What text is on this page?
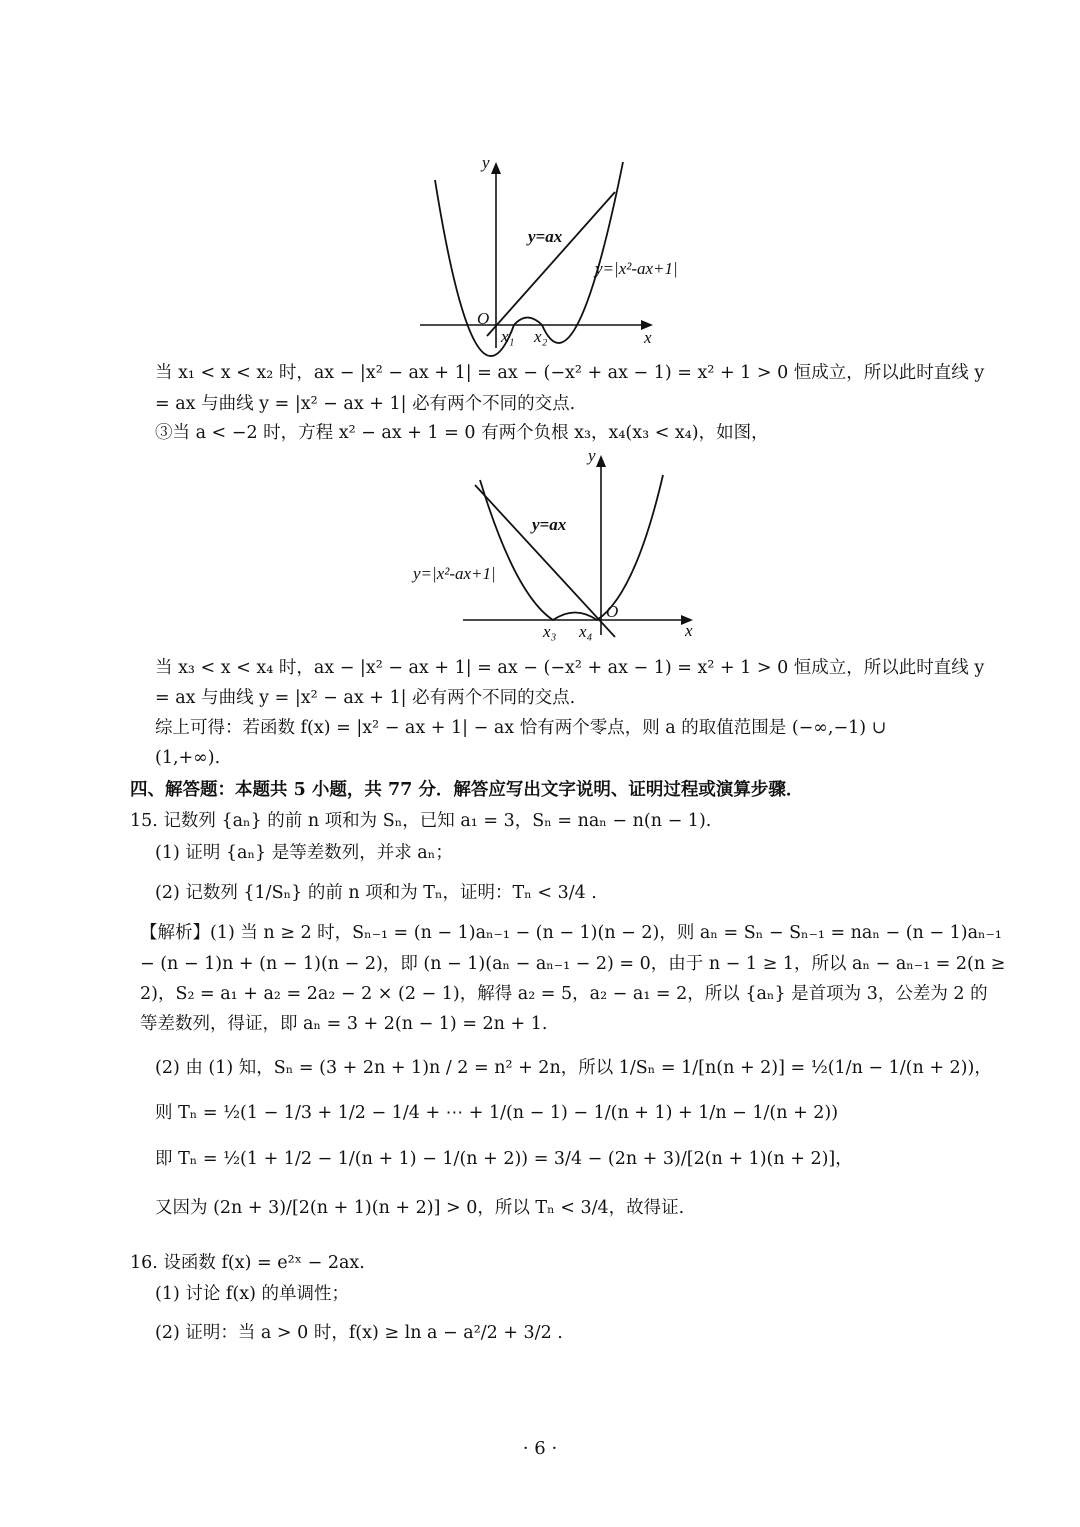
y
x
O
y=ax
y=|x²-ax+1|
x₁ x₂
当 x₁ < x < x₂ 时，ax − |x² − ax + 1| = ax − (−x² + ax − 1) = x² + 1 > 0 恒成立，所以此时直线 y
= ax 与曲线 y = |x² − ax + 1| 必有两个不同的交点.
③当 a < −2 时，方程 x² − ax + 1 = 0 有两个负根 x₃，x₄(x₃ < x₄)，如图，
y
x
O
y=ax
y=|x²-ax+1|
x₃ x₄
当 x₃ < x < x₄ 时，ax − |x² − ax + 1| = ax − (−x² + ax − 1) = x² + 1 > 0 恒成立，所以此时直线 y
= ax 与曲线 y = |x² − ax + 1| 必有两个不同的交点.
综上可得：若函数 f(x) = |x² − ax + 1| − ax 恰有两个零点，则 a 的取值范围是 (−∞,−1) ∪
(1,+∞).
四、解答题：本题共 5 小题，共 77 分．解答应写出文字说明、证明过程或演算步骤．
15. 记数列 {aₙ} 的前 n 项和为 Sₙ，已知 a₁ = 3，Sₙ = naₙ − n(n − 1).
(1) 证明 {aₙ} 是等差数列，并求 aₙ；
(2) 记数列 {1/Sₙ} 的前 n 项和为 Tₙ，证明：Tₙ < 3/4 .
【解析】(1) 当 n ≥ 2 时，Sₙ₋₁ = (n − 1)aₙ₋₁ − (n − 1)(n − 2)，则 aₙ = Sₙ − Sₙ₋₁ = naₙ − (n − 1)aₙ₋₁
− (n − 1)n + (n − 1)(n − 2)，即 (n − 1)(aₙ − aₙ₋₁ − 2) = 0，由于 n − 1 ≥ 1，所以 aₙ − aₙ₋₁ = 2(n ≥
2)，S₂ = a₁ + a₂ = 2a₂ − 2 × (2 − 1)，解得 a₂ = 5，a₂ − a₁ = 2，所以 {aₙ} 是首项为 3，公差为 2 的
等差数列，得证，即 aₙ = 3 + 2(n − 1) = 2n + 1.
(2) 由 (1) 知，Sₙ = (3 + 2n + 1)n / 2 = n² + 2n，所以 1/Sₙ = 1/[n(n + 2)] = ½(1/n − 1/(n + 2))，
则 Tₙ = ½(1 − 1/3 + 1/2 − 1/4 + ⋯ + 1/(n − 1) − 1/(n + 1) + 1/n − 1/(n + 2))
即 Tₙ = ½(1 + 1/2 − 1/(n + 1) − 1/(n + 2)) = 3/4 − (2n + 3)/[2(n + 1)(n + 2)]，
又因为 (2n + 3)/[2(n + 1)(n + 2)] > 0，所以 Tₙ < 3/4，故得证.
16. 设函数 f(x) = e²ˣ − 2ax.
(1) 讨论 f(x) 的单调性；
(2) 证明：当 a > 0 时，f(x) ≥ ln a − a²/2 + 3/2 .
· 6 ·
